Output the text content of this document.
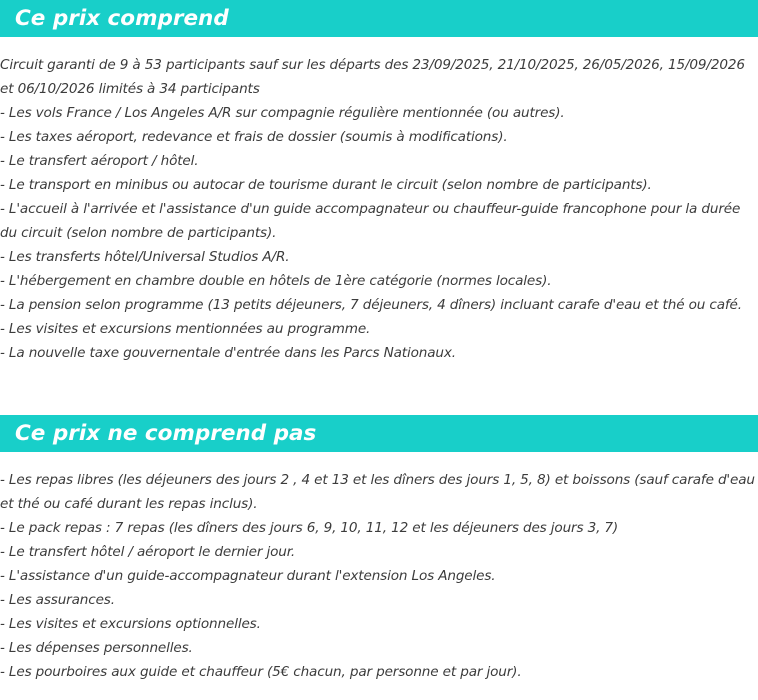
Ce prix comprend
Circuit garanti de 9 à 53 participants sauf sur les départs des 23/09/2025, 21/10/2025, 26/05/2026, 15/09/2026 et 06/10/2026 limités à 34 participants
- Les vols France / Los Angeles A/R sur compagnie régulière mentionnée (ou autres).
- Les taxes aéroport, redevance et frais de dossier (soumis à modifications).
- Le transfert aéroport / hôtel.
- Le transport en minibus ou autocar de tourisme durant le circuit (selon nombre de participants).
- L'accueil à l'arrivée et l'assistance d'un guide accompagnateur ou chauffeur-guide francophone pour la durée du circuit (selon nombre de participants).
- Les transferts hôtel/Universal Studios A/R.
- L'hébergement en chambre double en hôtels de 1ère catégorie (normes locales).
- La pension selon programme (13 petits déjeuners, 7 déjeuners, 4 dîners) incluant carafe d'eau et thé ou café.
- Les visites et excursions mentionnées au programme.
- La nouvelle taxe gouvernentale d'entrée dans les Parcs Nationaux.
Ce prix ne comprend pas
- Les repas libres (les déjeuners des jours 2 , 4 et 13 et les dîners des jours 1, 5, 8) et boissons (sauf carafe d'eau et thé ou café durant les repas inclus).
- Le pack repas : 7 repas (les dîners des jours 6, 9, 10, 11, 12 et les déjeuners des jours 3, 7)
- Le transfert hôtel / aéroport le dernier jour.
- L'assistance d'un guide-accompagnateur durant l'extension Los Angeles.
- Les assurances.
- Les visites et excursions optionnelles.
- Les dépenses personnelles.
- Les pourboires aux guide et chauffeur (5€ chacun, par personne et par jour).
